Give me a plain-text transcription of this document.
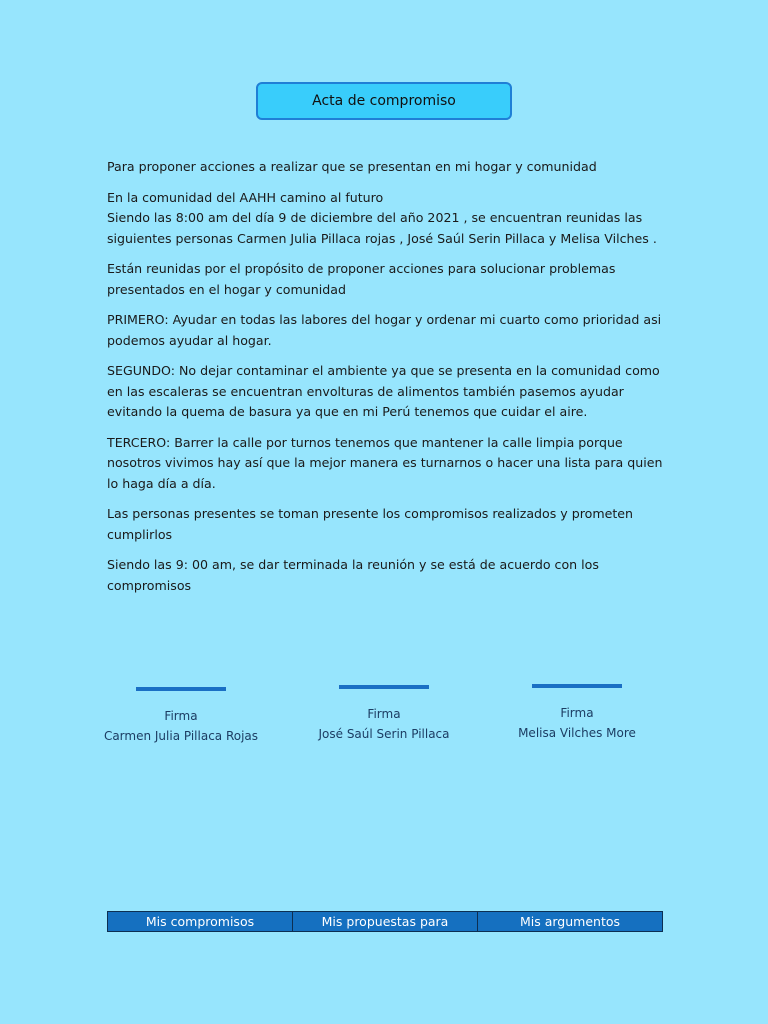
Acta de compromiso

Para proponer acciones a realizar que se presentan en mi hogar y comunidad

En la comunidad del AAHH camino al futuro
Siendo las 8:00 am del día 9 de diciembre del año 2021 , se encuentran reunidas las siguientes personas Carmen Julia Pillaca rojas , José Saúl Serin Pillaca y Melisa Vilches .

Están reunidas por el propósito de proponer acciones para solucionar problemas presentados en el hogar y comunidad

PRIMERO: Ayudar en todas las labores del hogar y ordenar mi cuarto como prioridad asi podemos ayudar al hogar.

SEGUNDO: No dejar contaminar el ambiente ya que se presenta en la comunidad como en las escaleras se encuentran envolturas de alimentos también pasemos ayudar evitando la quema de basura ya que en mi Perú tenemos que cuidar el aire.

TERCERO: Barrer la calle por turnos tenemos que mantener la calle limpia porque nosotros vivimos hay así que la mejor manera es turnarnos o hacer una lista para quien lo haga día a día.

Las personas presentes se toman presente los compromisos realizados y prometen cumplirlos

Siendo las 9: 00 am, se dar terminada la reunión y se está de acuerdo con los compromisos

Firma
Carmen Julia Pillaca Rojas
Firma
José Saúl Serin Pillaca
Firma
Melisa Vilches More
Mis compromisos	Mis propuestas para	Mis argumentos
